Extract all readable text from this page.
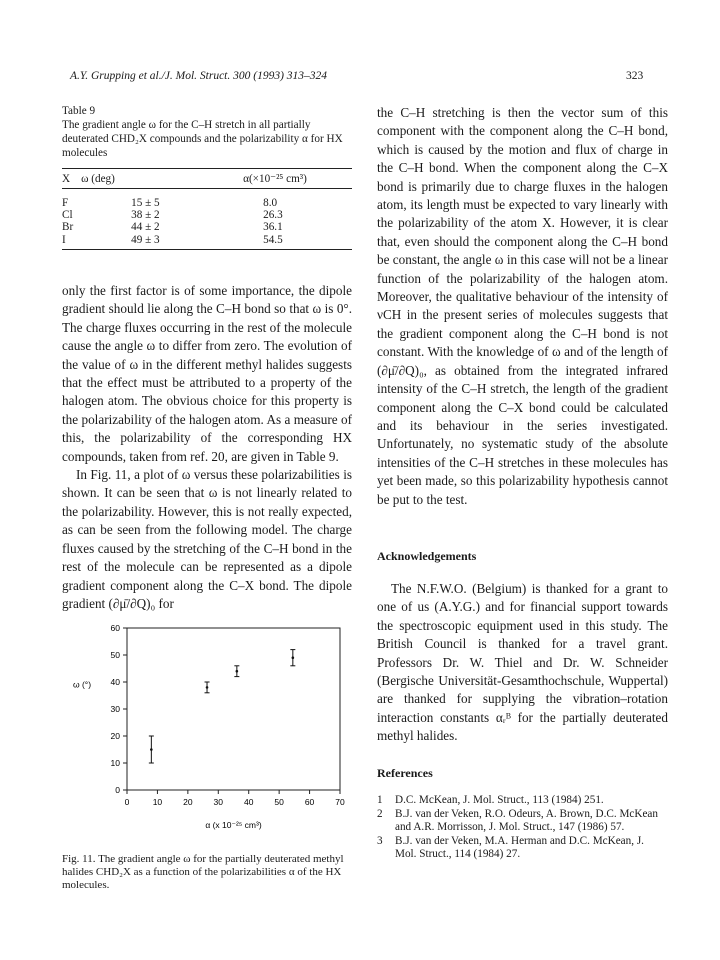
A.Y. Grupping et al./J. Mol. Struct. 300 (1993) 313–324	323
Table 9
The gradient angle ω for the C–H stretch in all partially deuterated CHD₂X compounds and the polarizability α for HX molecules
X	ω (deg)	α(×10⁻²⁵ cm³)
F	15 ± 5	8.0
Cl	38 ± 2	26.3
Br	44 ± 2	36.1
I	49 ± 3	54.5

only the first factor is of some importance, the dipole gradient should lie along the C–H bond so that ω is 0°. The charge fluxes occurring in the rest of the molecule cause the angle ω to differ from zero. The evolution of the value of ω in the different methyl halides suggests that the effect must be attributed to a property of the halogen atom. The obvious choice for this property is the polarizability of the halogen atom. As a measure of this, the polarizability of the corresponding HX compounds, taken from ref. 20, are given in Table 9.

In Fig. 11, a plot of ω versus these polarizabilities is shown. It can be seen that ω is not linearly related to the polarizability. However, this is not really expected, as can be seen from the following model. The charge fluxes caused by the stretching of the C–H bond in the rest of the molecule can be represented as a dipole gradient component along the C–X bond. The dipole gradient (∂μ̄/∂Q)₀ for

the C–H stretching is then the vector sum of this component with the component along the C–H bond, which is caused by the motion and flux of charge in the C–H bond. When the component along the C–X bond is primarily due to charge fluxes in the halogen atom, its length must be expected to vary linearly with the polarizability of the atom X. However, it is clear that, even should the component along the C–H bond be constant, the angle ω in this case will not be a linear function of the polarizability of the halogen atom. Moreover, the qualitative behaviour of the intensity of νCH in the present series of molecules suggests that the gradient component along the C–H bond is not constant. With the knowledge of ω and of the length of (∂μ̄/∂Q)₀, as obtained from the integrated infrared intensity of the C–H stretch, the length of the gradient component along the C–X bond could be calculated and its behaviour in the series investigated. Unfortunately, no systematic study of the absolute intensities of the C–H stretches in these molecules has yet been made, so this polarizability hypothesis cannot be put to the test.

Acknowledgements
The N.F.W.O. (Belgium) is thanked for a grant to one of us (A.Y.G.) and for financial support towards the spectroscopic equipment used in this study. The British Council is thanked for a travel grant. Professors Dr. W. Thiel and Dr. W. Schneider (Bergische Universität-Gesamthochschule, Wuppertal) are thanked for supplying the vibration–rotation interaction constants αᵣᴮ for the partially deuterated methyl halides.
References
1	D.C. McKean, J. Mol. Struct., 113 (1984) 251.
2	B.J. van der Veken, R.O. Odeurs, A. Brown, D.C. McKean and A.R. Morrisson, J. Mol. Struct., 147 (1986) 57.
3	B.J. van der Veken, M.A. Herman and D.C. McKean, J. Mol. Struct., 114 (1984) 27.
0	10 20 30 40 50 60 70
0
10
20
30
40
50
60
α (x 10⁻²⁵ cm³)
ω (°)
Fig. 11. The gradient angle ω for the partially deuterated methyl halides CHD₂X as a function of the polarizabilities α of the HX molecules.
